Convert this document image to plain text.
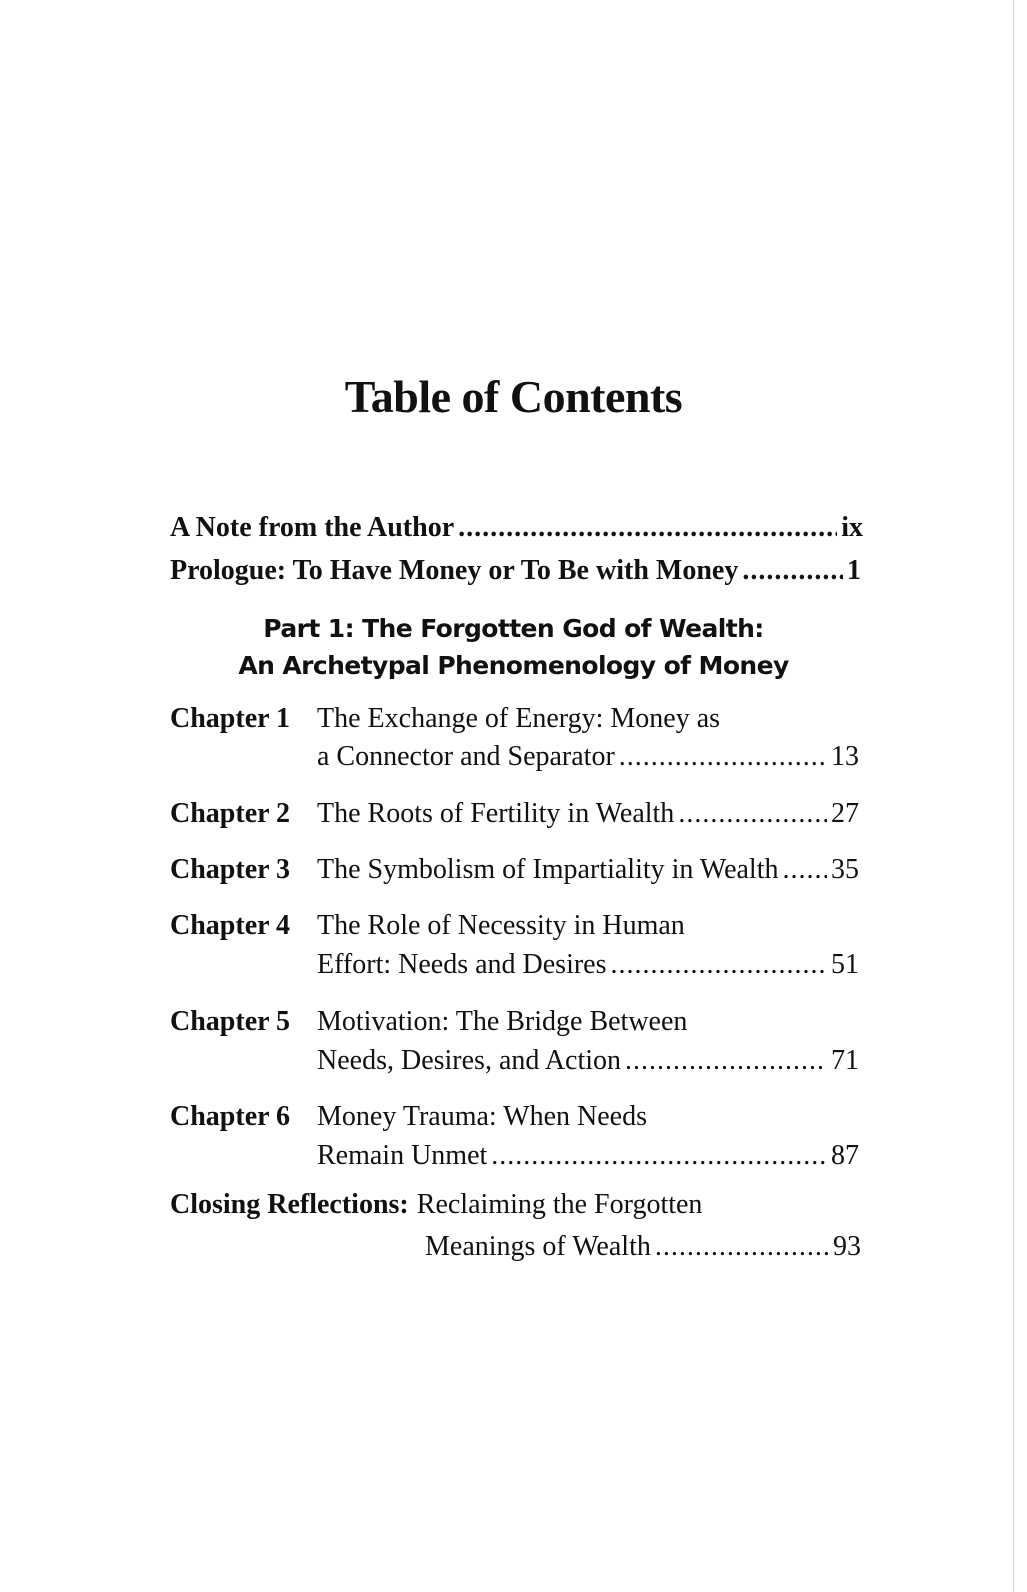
Table of Contents
A Note from the Author .....	ix
Prologue: To Have Money or To Be with Money .....	1
Part 1: The Forgotten God of Wealth:
An Archetypal Phenomenology of Money
Chapter 1 The Exchange of Energy: Money as
a Connector and Separator .....	13
Chapter 2 The Roots of Fertility in Wealth .....	27
Chapter 3 The Symbolism of Impartiality in Wealth ..... 35
Chapter 4 The Role of Necessity in Human
Effort: Needs and Desires .....	51
Chapter 5 Motivation: The Bridge Between
Needs, Desires, and Action .....	71
Chapter 6 Money Trauma: When Needs
Remain Unmet .....	87
Closing Reflections: Reclaiming the Forgotten
Meanings of Wealth .....	93
